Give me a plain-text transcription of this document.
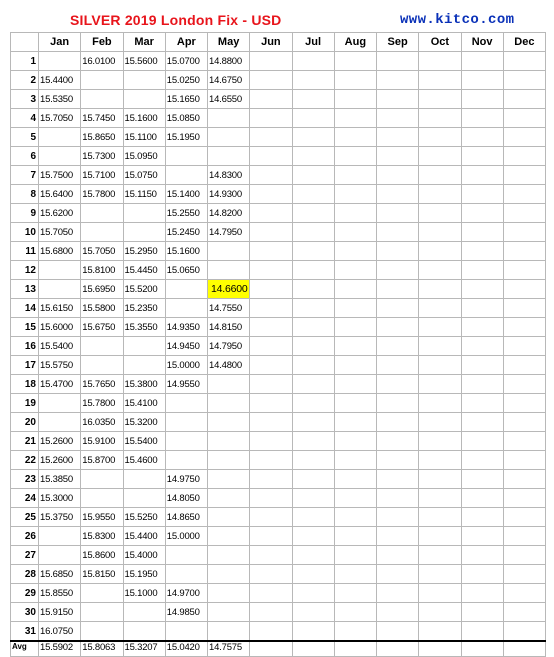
SILVER 2019 London Fix - USD	www.kitco.com
	Jan	Feb	Mar	Apr	May	Jun	Jul	Aug	Sep	Oct	Nov	Dec
1		16.0100	15.5600	15.0700	14.8800							
2	15.4400			15.0250	14.6750							
3	15.5350			15.1650	14.6550							
4	15.7050	15.7450	15.1600	15.0850								
5		15.8650	15.1100	15.1950								
6		15.7300	15.0950									
7	15.7500	15.7100	15.0750		14.8300							
8	15.6400	15.7800	15.1150	15.1400	14.9300							
9	15.6200			15.2550	14.8200							
10	15.7050			15.2450	14.7950							
11	15.6800	15.7050	15.2950	15.1600								
12		15.8100	15.4450	15.0650								
13		15.6950	15.5200		14.6600							
14	15.6150	15.5800	15.2350		14.7550							
15	15.6000	15.6750	15.3550	14.9350	14.8150							
16	15.5400			14.9450	14.7950							
17	15.5750			15.0000	14.4800							
18	15.4700	15.7650	15.3800	14.9550								
19		15.7800	15.4100									
20		16.0350	15.3200									
21	15.2600	15.9100	15.5400									
22	15.2600	15.8700	15.4600									
23	15.3850			14.9750								
24	15.3000			14.8050								
25	15.3750	15.9550	15.5250	14.8650								
26		15.8300	15.4400	15.0000								
27		15.8600	15.4000									
28	15.6850	15.8150	15.1950									
29	15.8550		15.1000	14.9700								
30	15.9150			14.9850								
31	16.0750											
Avg	15.5902	15.8063	15.3207	15.0420	14.7575							
